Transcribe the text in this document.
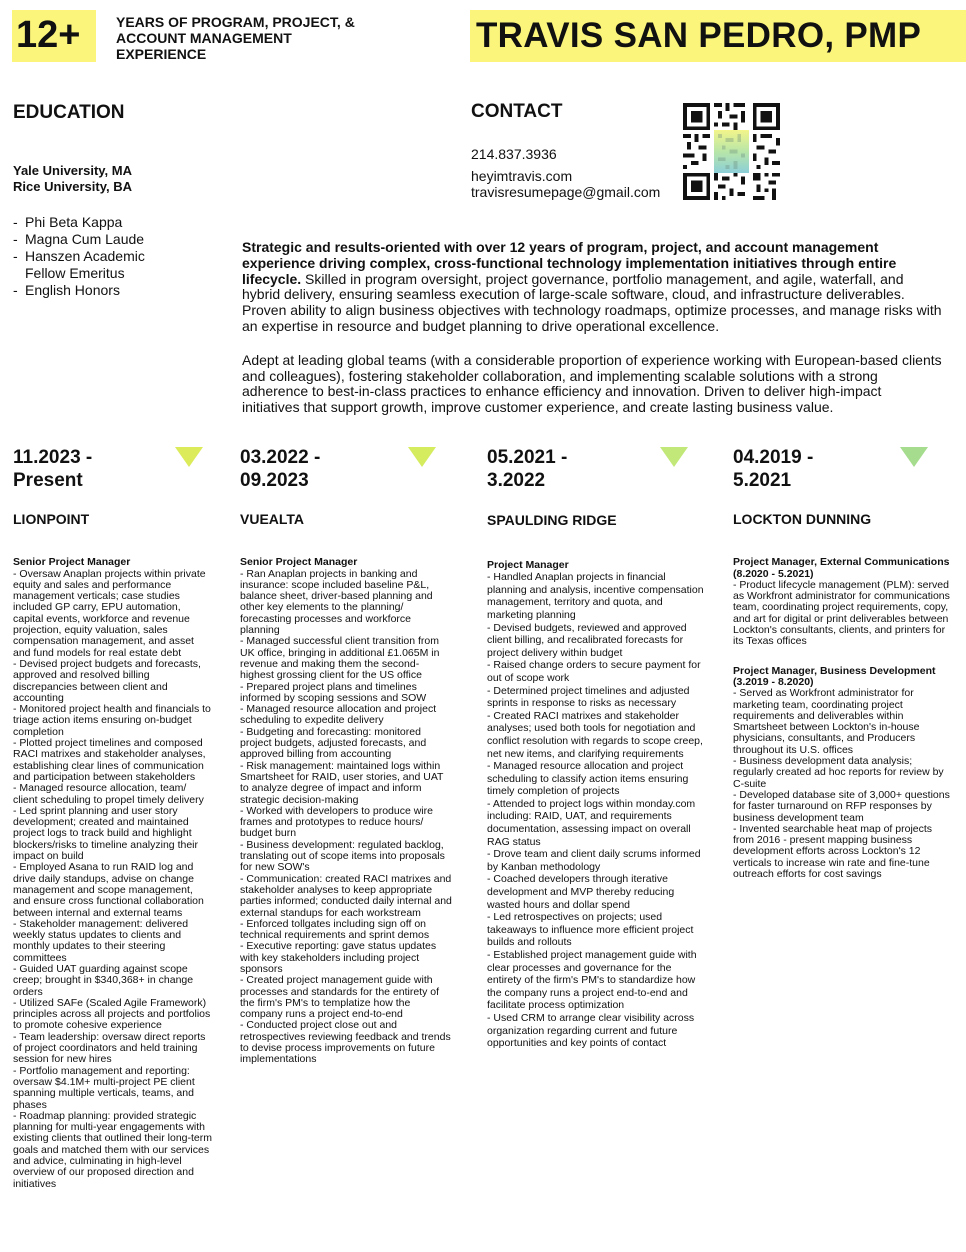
12+	YEARS OF PROGRAM, PROJECT, & ACCOUNT MANAGEMENT EXPERIENCE	TRAVIS SAN PEDRO, PMP
EDUCATION
Yale University, MA
Rice University, BA
- Phi Beta Kappa
- Magna Cum Laude
- Hanszen Academic Fellow Emeritus
- English Honors
CONTACT
214.837.3936
heyimtravis.com
travisresumepage@gmail.com

Strategic and results-oriented with over 12 years of program, project, and account management experience driving complex, cross-functional technology implementation initiatives through entire lifecycle. Skilled in program oversight, project governance, portfolio management, and agile, waterfall, and hybrid delivery, ensuring seamless execution of large-scale software, cloud, and infrastructure deliverables. Proven ability to align business objectives with technology roadmaps, optimize processes, and manage risks with an expertise in resource and budget planning to drive operational excellence.

Adept at leading global teams (with a considerable proportion of experience working with European-based clients and colleagues), fostering stakeholder collaboration, and implementing scalable solutions with a strong adherence to best-in-class practices to enhance efficiency and innovation. Driven to deliver high-impact initiatives that support growth, improve customer experience, and create lasting business value.

11.2023 -
Present
LIONPOINT
Senior Project Manager
- Oversaw Anaplan projects within private equity and sales and performance management verticals; case studies included GP carry, EPU automation, capital events, workforce and revenue projection, equity valuation, sales compensation management, and asset and fund models for real estate debt
- Devised project budgets and forecasts, approved and resolved billing discrepancies between client and accounting
- Monitored project health and financials to triage action items ensuring on-budget completion
- Plotted project timelines and composed RACI matrixes and stakeholder analyses, establishing clear lines of communication and participation between stakeholders
- Managed resource allocation, team/ client scheduling to propel timely delivery
- Led sprint planning and user story development; created and maintained project logs to track build and highlight blockers/risks to timeline analyzing their impact on build
- Employed Asana to run RAID log and drive daily standups, advise on change management and scope management, and ensure cross functional collaboration between internal and external teams
- Stakeholder management: delivered weekly status updates to clients and monthly updates to their steering committees
- Guided UAT guarding against scope creep; brought in $340,368+ in change orders
- Utilized SAFe (Scaled Agile Framework) principles across all projects and portfolios to promote cohesive experience
- Team leadership: oversaw direct reports of project coordinators and held training session for new hires
- Portfolio management and reporting: oversaw $4.1M+ multi-project PE client spanning multiple verticals, teams, and phases
- Roadmap planning: provided strategic planning for multi-year engagements with existing clients that outlined their long-term goals and matched them with our services and advice, culminating in high-level overview of our proposed direction and initiatives
03.2022 -
09.2023
VUEALTA
Senior Project Manager
- Ran Anaplan projects in banking and insurance: scope included baseline P&L, balance sheet, driver-based planning and other key elements to the planning/ forecasting processes and workforce planning
- Managed successful client transition from UK office, bringing in additional £1.065M in revenue and making them the second-highest grossing client for the US office
- Prepared project plans and timelines informed by scoping sessions and SOW
- Managed resource allocation and project scheduling to expedite delivery
- Budgeting and forecasting: monitored project budgets, adjusted forecasts, and approved billing from accounting
- Risk management: maintained logs within Smartsheet for RAID, user stories, and UAT to analyze degree of impact and inform strategic decision-making
- Worked with developers to produce wire frames and prototypes to reduce hours/ budget burn
- Business development: regulated backlog, translating out of scope items into proposals for new SOW's
- Communication: created RACI matrixes and stakeholder analyses to keep appropriate parties informed; conducted daily internal and external standups for each workstream
- Enforced tollgates including sign off on technical requirements and sprint demos
- Executive reporting: gave status updates with key stakeholders including project sponsors
- Created project management guide with processes and standards for the entirety of the firm's PM's to templatize how the company runs a project end-to-end
- Conducted project close out and retrospectives reviewing feedback and trends to devise process improvements on future implementations
05.2021 -
3.2022
SPAULDING RIDGE
Project Manager
- Handled Anaplan projects in financial planning and analysis, incentive compensation management, territory and quota, and marketing planning
- Devised budgets, reviewed and approved client billing, and recalibrated forecasts for project delivery within budget
- Raised change orders to secure payment for out of scope work
- Determined project timelines and adjusted sprints in response to risks as necessary
- Created RACI matrixes and stakeholder analyses; used both tools for negotiation and conflict resolution with regards to scope creep, net new items, and clarifying requirements
- Managed resource allocation and project scheduling to classify action items ensuring timely completion of projects
- Attended to project logs within monday.com including: RAID, UAT, and requirements documentation, assessing impact on overall RAG status
- Drove team and client daily scrums informed by Kanban methodology
- Coached developers through iterative development and MVP thereby reducing wasted hours and dollar spend
- Led retrospectives on projects; used takeaways to influence more efficient project builds and rollouts
- Established project management guide with clear processes and governance for the entirety of the firm's PM's to standardize how the company runs a project end-to-end and facilitate process optimization
- Used CRM to arrange clear visibility across organization regarding current and future opportunities and key points of contact
04.2019 -
5.2021
LOCKTON DUNNING
Project Manager, External Communications
(8.2020 - 5.2021)
- Product lifecycle management (PLM): served as Workfront administrator for communications team, coordinating project requirements, copy, and art for digital or print deliverables between Lockton's consultants, clients, and printers for its Texas offices
Project Manager, Business Development
(3.2019 - 8.2020)
- Served as Workfront administrator for marketing team, coordinating project requirements and deliverables within Smartsheet between Lockton's in-house physicians, consultants, and Producers throughout its U.S. offices
- Business development data analysis; regularly created ad hoc reports for review by C-suite
- Developed database site of 3,000+ questions for faster turnaround on RFP responses by business development team
- Invented searchable heat map of projects from 2016 - present mapping business development efforts across Lockton's 12 verticals to increase win rate and fine-tune outreach efforts for cost savings
